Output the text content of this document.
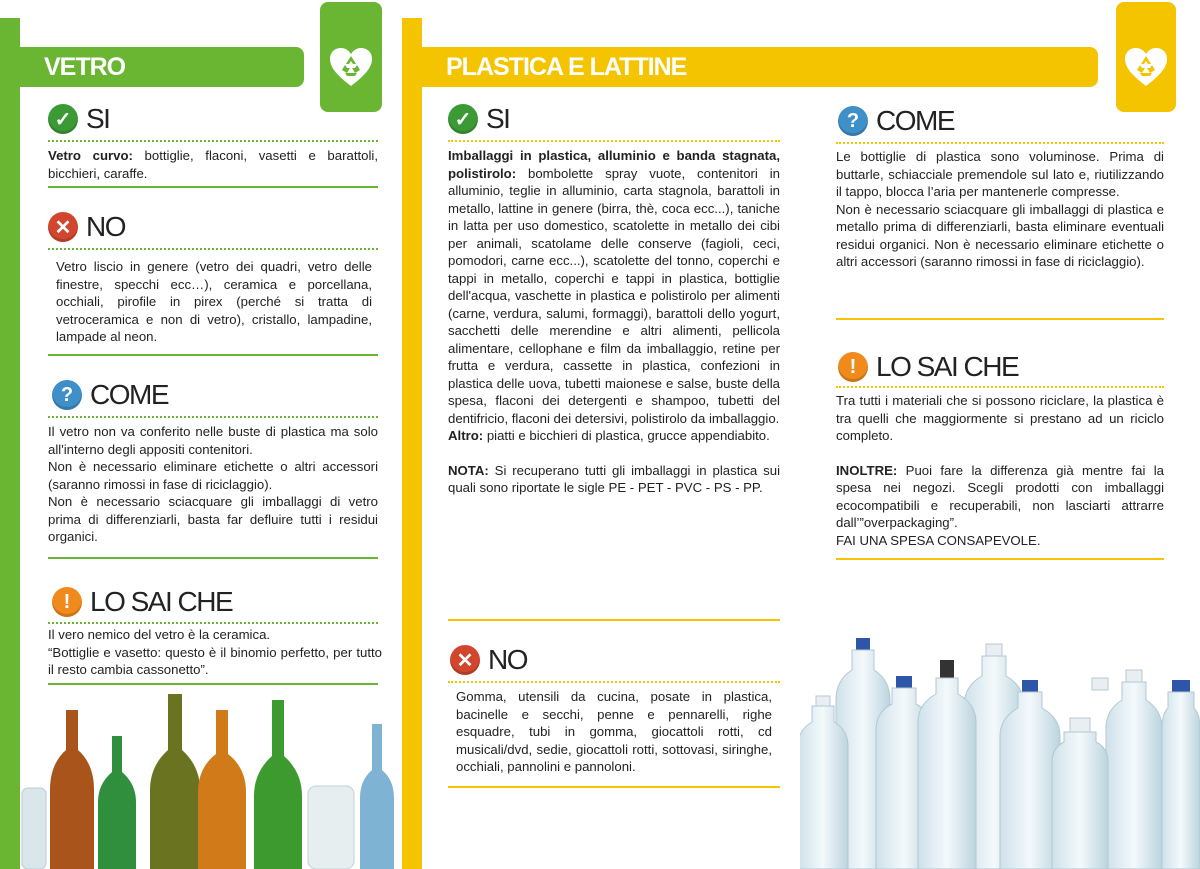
VETRO	PLASTICA E LATTINE
✓ SI
Vetro curvo: bottiglie, flaconi, vasetti e barattoli, bicchieri, caraffe.
✕ NO
Vetro liscio in genere (vetro dei quadri, vetro delle finestre, specchi ecc…), ceramica e porcellana, occhiali, pirofile in pirex (perché si tratta di vetroceramica e non di vetro), cristallo, lampadine, lampade al neon.
? COME

Il vetro non va conferito nelle buste di plastica ma solo all'interno degli appositi contenitori.

Non è necessario eliminare etichette o altri accessori (saranno rimossi in fase di riciclaggio).

Non è necessario sciacquare gli imballaggi di vetro prima di differenziarli, basta far defluire tutti i residui organici.

! LO SAI CHE

Il vero nemico del vetro è la ceramica.

“Bottiglie e vasetto: questo è il binomio perfetto, per tutto il resto cambia cassonetto”.

✓ SI

Imballaggi in plastica, alluminio e banda stagnata, polistirolo: bombolette spray vuote, contenitori in alluminio, teglie in alluminio, carta stagnola, barattoli in metallo, lattine in genere (birra, thè, coca ecc...), taniche in latta per uso domestico, scatolette in metallo dei cibi per animali, scatolame delle conserve (fagioli, ceci, pomodori, carne ecc...), scatolette del tonno, coperchi e tappi in metallo, coperchi e tappi in plastica, bottiglie dell'acqua, vaschette in plastica e polistirolo per alimenti (carne, verdura, salumi, formaggi), barattoli dello yogurt, sacchetti delle merendine e altri alimenti, pellicola alimentare, cellophane e film da imballaggio, retine per frutta e verdura, cassette in plastica, confezioni in plastica delle uova, tubetti maionese e salse, buste della spesa, flaconi dei detergenti e shampoo, tubetti del dentifricio, flaconi dei detersivi, polistirolo da imballaggio.

Altro: piatti e bicchieri di plastica, grucce appendiabito.

NOTA: Si recuperano tutti gli imballaggi in plastica sui quali sono riportate le sigle PE - PET - PVC - PS - PP.

✕ NO
Gomma, utensili da cucina, posate in plastica, bacinelle e secchi, penne e pennarelli, righe esquadre, tubi in gomma, giocattoli rotti, cd musicali/dvd, sedie, giocattoli rotti, sottovasi, siringhe, occhiali, pannolini e pannoloni.
? COME

Le bottiglie di plastica sono voluminose. Prima di buttarle, schiacciale premendole sul lato e, riutilizzando il tappo, blocca l’aria per mantenerle compresse.

Non è necessario sciacquare gli imballaggi di plastica e metallo prima di differenziarli, basta eliminare eventuali residui organici. Non è necessario eliminare etichette o altri accessori (saranno rimossi in fase di riciclaggio).

! LO SAI CHE

Tra tutti i materiali che si possono riciclare, la plastica è tra quelli che maggiormente si prestano ad un riciclo completo.

INOLTRE: Puoi fare la differenza già mentre fai la spesa nei negozi. Scegli prodotti con imballaggi ecocompatibili e recuperabili, non lasciarti attrarre dall’”overpackaging”.

FAI UNA SPESA CONSAPEVOLE.
